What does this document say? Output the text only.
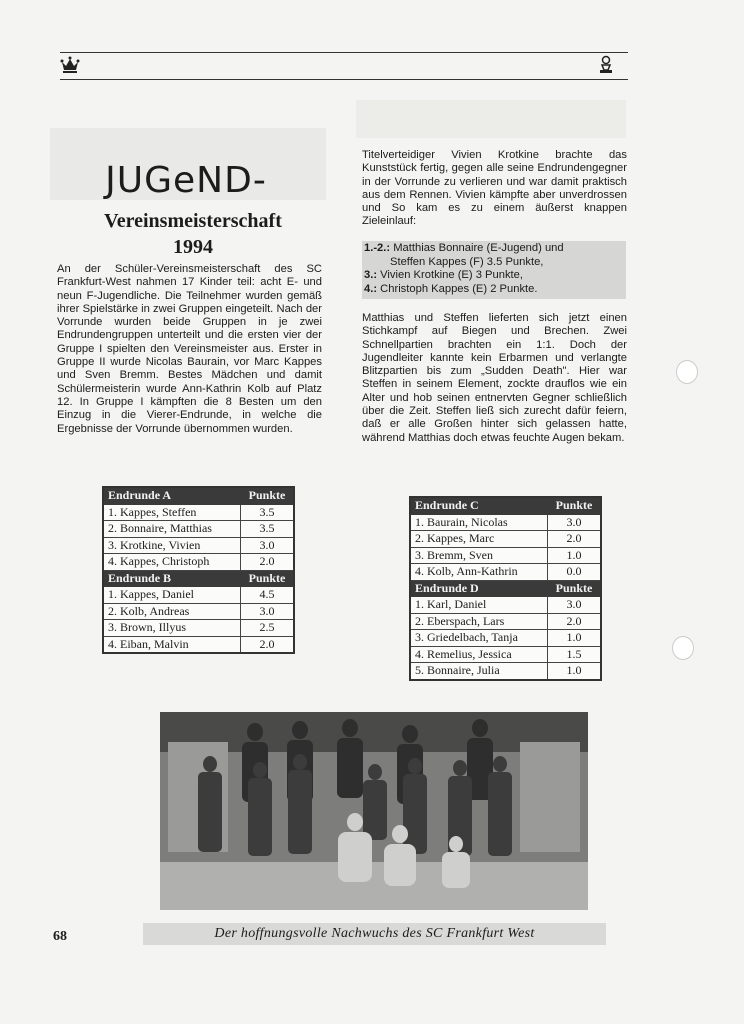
JUGeND-
Vereinsmeisterschaft
1994

An der Schüler-Vereinsmeisterschaft des SC Frankfurt-West nahmen 17 Kinder teil: acht E- und neun F-Jugendliche. Die Teilnehmer wurden gemäß ihrer Spielstärke in zwei Gruppen eingeteilt. Nach der Vorrunde wurden beide Gruppen in je zwei Endrundengruppen unterteilt und die ersten vier der Gruppe I spielten den Vereinsmeister aus. Erster in Gruppe II wurde Nicolas Baurain, vor Marc Kappes und Sven Bremm. Bestes Mädchen und damit Schülermeisterin wurde Ann-Kathrin Kolb auf Platz 12. In Gruppe I kämpften die 8 Besten um den Einzug in die Vierer-Endrunde, in welche die Ergebnisse der Vorrunde übernommen wurden.

Titelverteidiger Vivien Krotkine brachte das Kunststück fertig, gegen alle seine Endrundengegner in der Vorrunde zu verlieren und war damit praktisch aus dem Rennen. Vivien kämpfte aber unverdrossen und So kam es zu einem äußerst knappen Zieleinlauf:

1.-2.: Matthias Bonnaire (E-Jugend) und
Steffen Kappes (F) 3.5 Punkte,
3.: Vivien Krotkine (E) 3 Punkte,
4.: Christoph Kappes (E) 2 Punkte.

Matthias und Steffen lieferten sich jetzt einen Stichkampf auf Biegen und Brechen. Zwei Schnellpartien brachten ein 1:1. Doch der Jugendleiter kannte kein Erbarmen und verlangte Blitzpartien bis zum „Sudden Death". Hier war Steffen in seinem Element, zockte drauflos wie ein Alter und hob seinen entnervten Gegner schließlich über die Zeit. Steffen ließ sich zurecht dafür feiern, daß er alle Großen hinter sich gelassen hatte, während Matthias doch etwas feuchte Augen bekam.

Endrunde A	Punkte
1. Kappes, Steffen	3.5
2. Bonnaire, Matthias	3.5
3. Krotkine, Vivien	3.0
4. Kappes, Christoph	2.0
Endrunde B	Punkte
1. Kappes, Daniel	4.5
2. Kolb, Andreas	3.0
3. Brown, Illyus	2.5
4. Eiban, Malvin	2.0
Endrunde C	Punkte
1. Baurain, Nicolas	3.0
2. Kappes, Marc	2.0
3. Bremm, Sven	1.0
4. Kolb, Ann-Kathrin	0.0
Endrunde D	Punkte
1. Karl, Daniel	3.0
2. Eberspach, Lars	2.0
3. Griedelbach, Tanja	1.0
4. Remelius, Jessica	1.5
5. Bonnaire, Julia	1.0
68	Der hoffnungsvolle Nachwuchs des SC Frankfurt West
